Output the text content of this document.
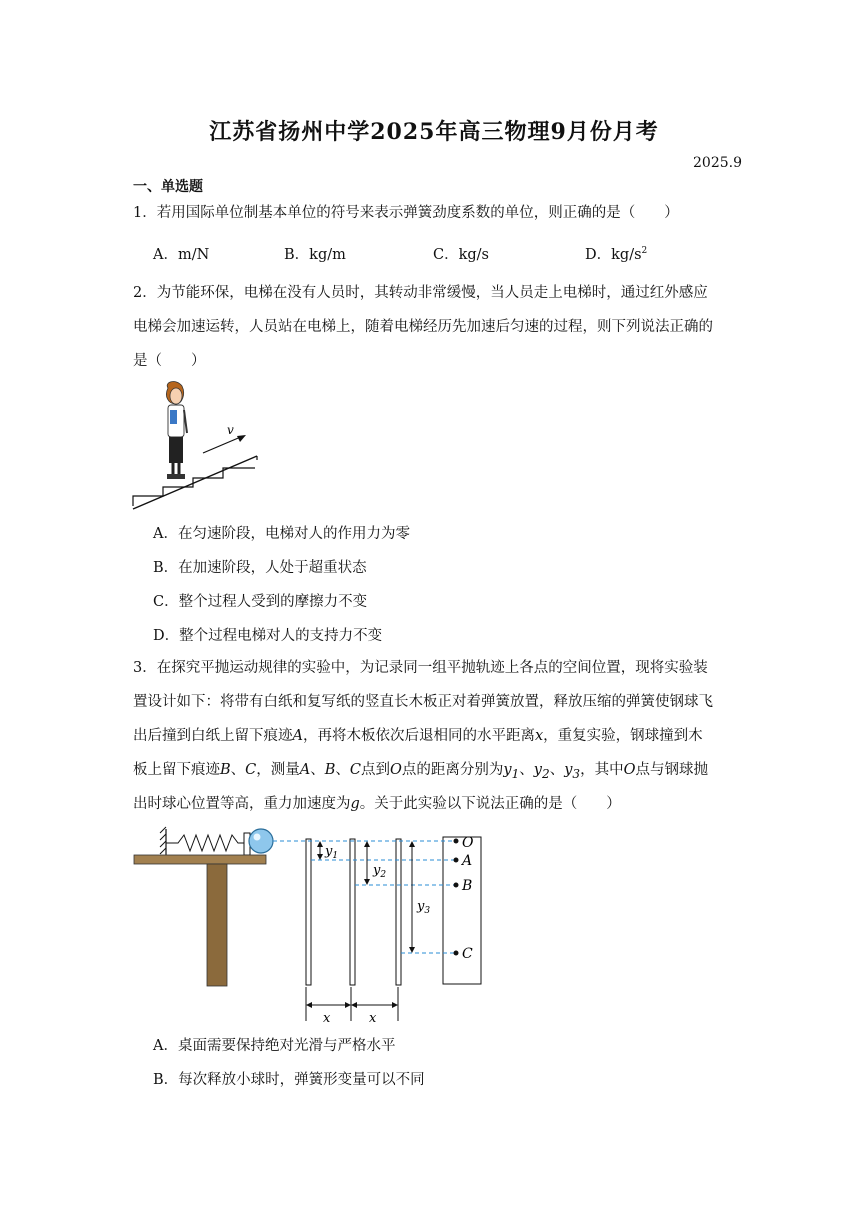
江苏省扬州中学2025年高三物理9月份月考
2025.9
一、单选题
1．若用国际单位制基本单位的符号来表示弹簧劲度系数的单位，则正确的是（　　）
A．m/N	B．kg/m	C．kg/s	D．$kg/s^2$
2．为节能环保，电梯在没有人员时，其转动非常缓慢，当人员走上电梯时，通过红外感应
电梯会加速运转，人员站在电梯上，随着电梯经历先加速后匀速的过程，则下列说法正确的
是（　　）
v
A．在匀速阶段，电梯对人的作用力为零
B．在加速阶段，人处于超重状态
C．整个过程人受到的摩擦力不变
D．整个过程电梯对人的支持力不变
3．在探究平抛运动规律的实验中，为记录同一组平抛轨迹上各点的空间位置，现将实验装
置设计如下：将带有白纸和复写纸的竖直长木板正对着弹簧放置，释放压缩的弹簧使钢球飞
出后撞到白纸上留下痕迹A，再将木板依次后退相同的水平距离x，重复实验，钢球撞到木
板上留下痕迹B、C，测量A、B、C点到O点的距离分别为$y_1$、$y_2$、$y_3$，其中O点与钢球抛
出时球心位置等高，重力加速度为g。关于此实验以下说法正确的是（　　）
O
A
B
C
$y_1$
$y_2$
$y_3$
x	x
A．桌面需要保持绝对光滑与严格水平
B．每次释放小球时，弹簧形变量可以不同
